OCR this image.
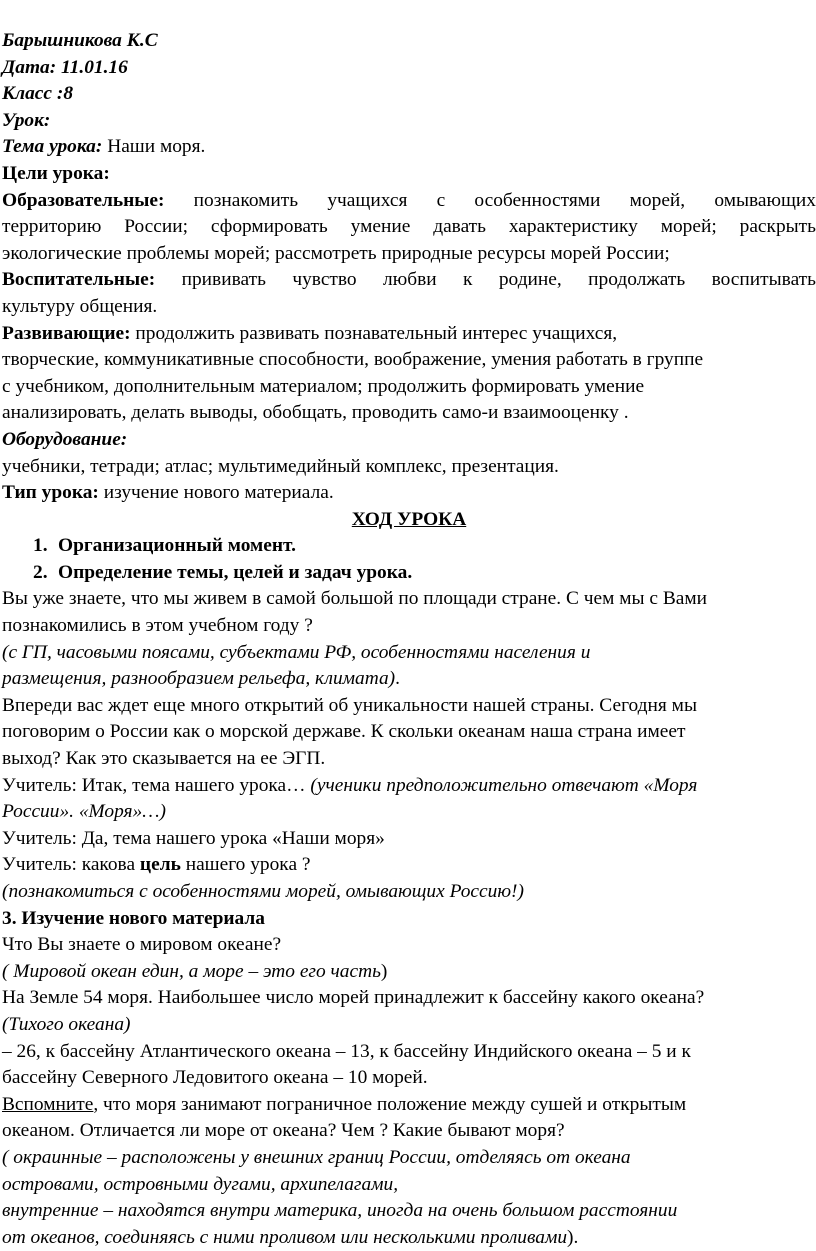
Барышникова К.С
Дата: 11.01.16
Класс :8
Урок:
Тема урока: Наши моря.
Цели урока:
Образовательные: познакомить учащихся с особенностями морей, омывающих
территорию России; сформировать умение давать характеристику морей; раскрыть
экологические проблемы морей; рассмотреть природные ресурсы морей России;
Воспитательные: прививать чувство любви к родине, продолжать воспитывать
культуру общения.
Развивающие: продолжить развивать познавательный интерес учащихся,
творческие, коммуникативные способности, воображение, умения работать в группе
с учебником, дополнительным материалом; продолжить формировать умение
анализировать, делать выводы, обобщать, проводить само-и взаимооценку .
Оборудование:
учебники, тетради; атлас; мультимедийный комплекс, презентация.
Тип урока: изучение нового материала.
ХОД УРОКА
1. Организационный момент.
2. Определение темы, целей и задач урока.
Вы уже знаете, что мы живем в самой большой по площади стране. С чем мы с Вами
познакомились в этом учебном году ?
(с ГП, часовыми поясами, субъектами РФ, особенностями населения и
размещения, разнообразием рельефа, климата).
Впереди вас ждет еще много открытий об уникальности нашей страны. Сегодня мы
поговорим о России как о морской державе. К скольки океанам наша страна имеет
выход? Как это сказывается на ее ЭГП.
Учитель: Итак, тема нашего урока… (ученики предположительно отвечают «Моря
России». «Моря»…)
Учитель: Да, тема нашего урока «Наши моря»
Учитель: какова цель нашего урока ?
(познакомиться с особенностями морей, омывающих Россию!)
3. Изучение нового материала
Что Вы знаете о мировом океане?
( Мировой океан един, а море – это его часть)
На Земле 54 моря. Наибольшее число морей принадлежит к бассейну какого океана?
(Тихого океана)
– 26, к бассейну Атлантического океана – 13, к бассейну Индийского океана – 5 и к
бассейну Северного Ледовитого океана – 10 морей.
Вспомните, что моря занимают пограничное положение между сушей и открытым
океаном. Отличается ли море от океана? Чем ? Какие бывают моря?
( окраинные – расположены у внешних границ России, отделяясь от океана
островами, островными дугами, архипелагами,
внутренние – находятся внутри материка, иногда на очень большом расстоянии
от океанов, соединяясь с ними проливом или несколькими проливами).
